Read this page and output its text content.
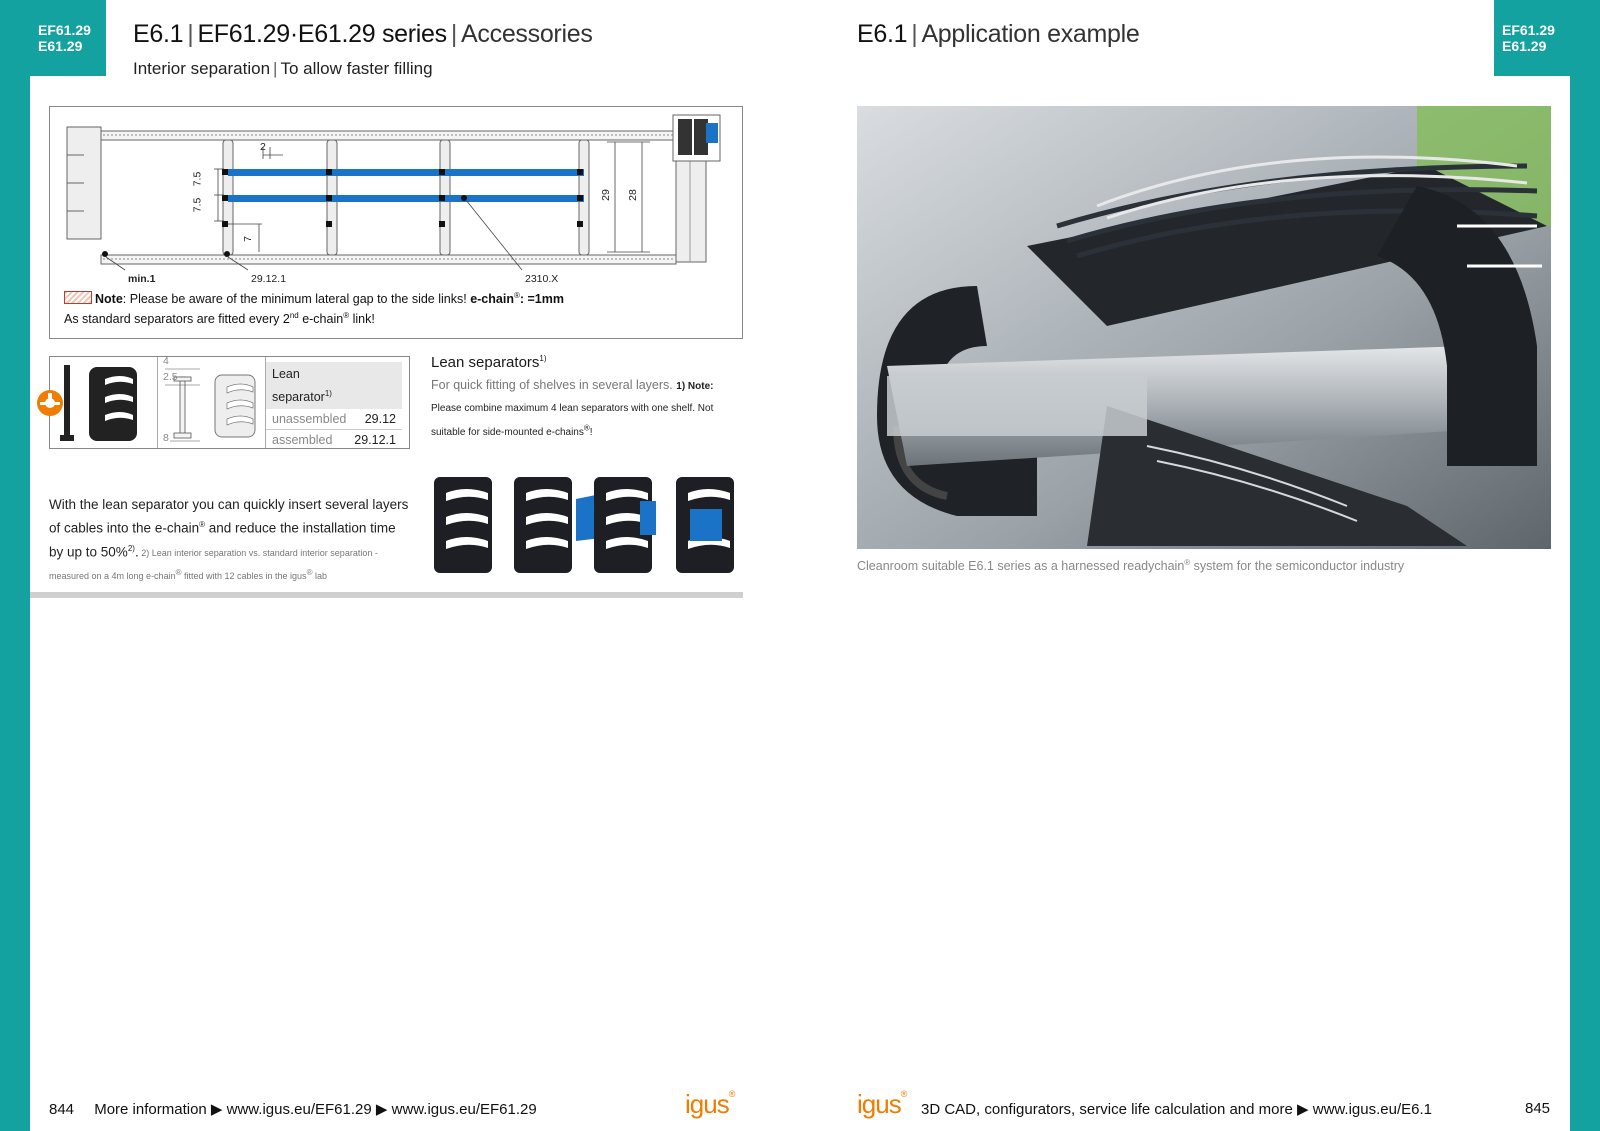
EF61.29
E61.29
EF61.29
E61.29
E6.1 | EF61.29·E61.29 series | Accessories
Interior separation | To allow faster filling
E6.1 | Application example
2
7.5
7.5
7
29 28
min.1	29.12.1	2310.X
Note: Please be aware of the minimum lateral gap to the side links! e-chain®: =1mm
As standard separators are fitted every 2nd e-chain® link!
4
2.5
8
Lean
separator$^{1)}$
unassembled 29.12
assembled 29.12.1
Lean separators$^{1)}$
For quick fitting of shelves in several layers. 1) Note: Please combine maximum 4 lean separators with one shelf. Not suitable for side-mounted e-chains®!
With the lean separator you can quickly insert several layers of cables into the e-chain® and reduce the installation time by up to 50%$^{2)}$. 2) Lean interior separation vs. standard interior separation - measured on a 4m long e-chain® fitted with 12 cables in the igus® lab
Cleanroom suitable E6.1 series as a harnessed readychain® system for the semiconductor industry
844 More information ▶ www.igus.eu/EF61.29 ▶ www.igus.eu/EF61.29	igus®	igus®
3D CAD, configurators, service life calculation and more ▶ www.igus.eu/E6.1	845
